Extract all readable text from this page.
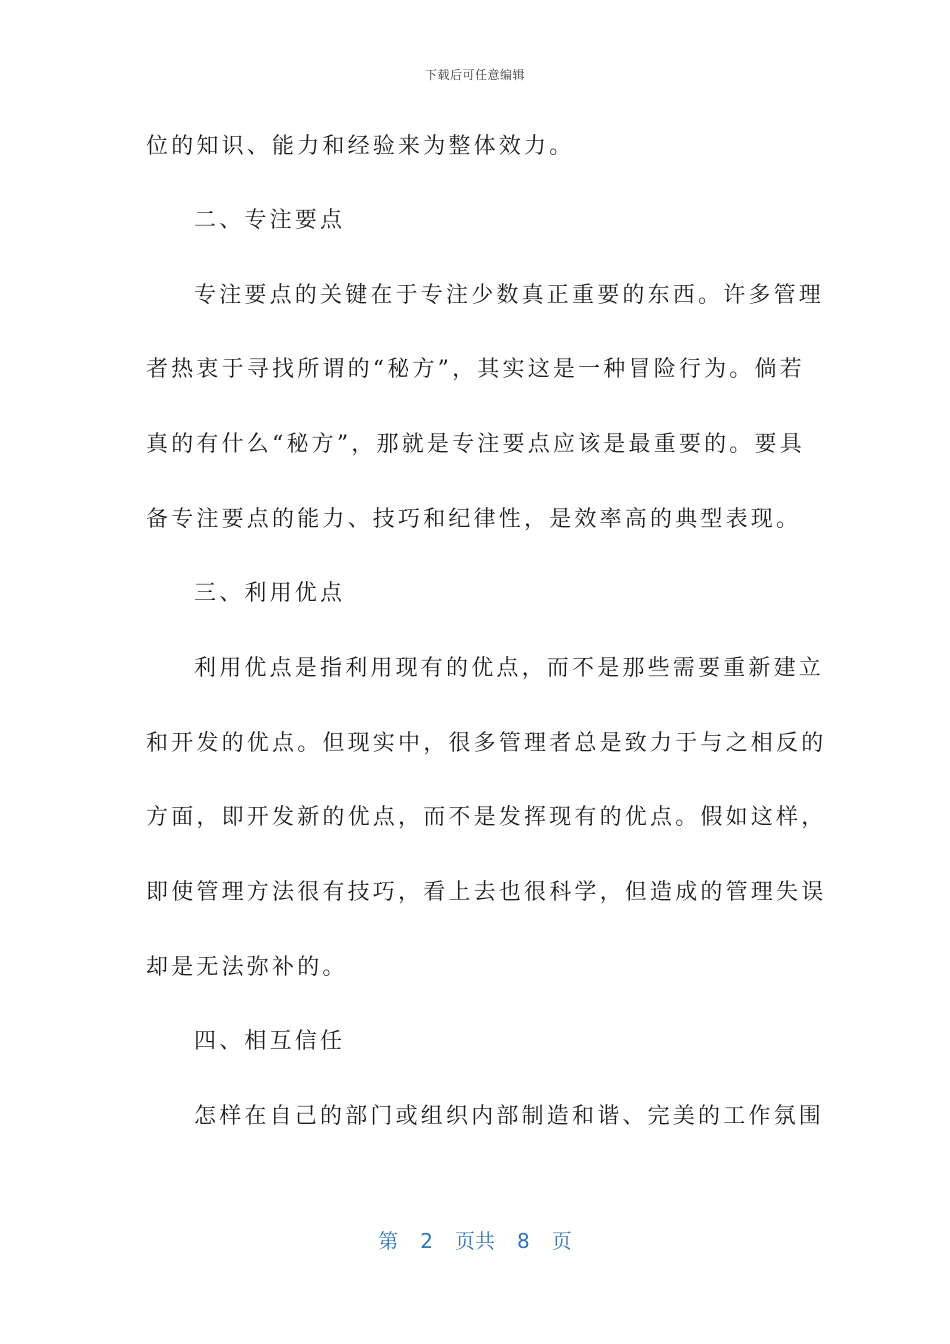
下载后可任意编辑
位的知识、能力和经验来为整体效力。
二、专注要点
专注要点的关键在于专注少数真正重要的东西。许多管理
者热衷于寻找所谓的“秘方”，其实这是一种冒险行为。倘若
真的有什么“秘方”，那就是专注要点应该是最重要的。要具
备专注要点的能力、技巧和纪律性，是效率高的典型表现。
三、利用优点
利用优点是指利用现有的优点，而不是那些需要重新建立
和开发的优点。但现实中，很多管理者总是致力于与之相反的
方面，即开发新的优点，而不是发挥现有的优点。假如这样，
即使管理方法很有技巧，看上去也很科学，但造成的管理失误
却是无法弥补的。
四、相互信任
怎样在自己的部门或组织内部制造和谐、完美的工作氛围
第 2 页共 8 页
